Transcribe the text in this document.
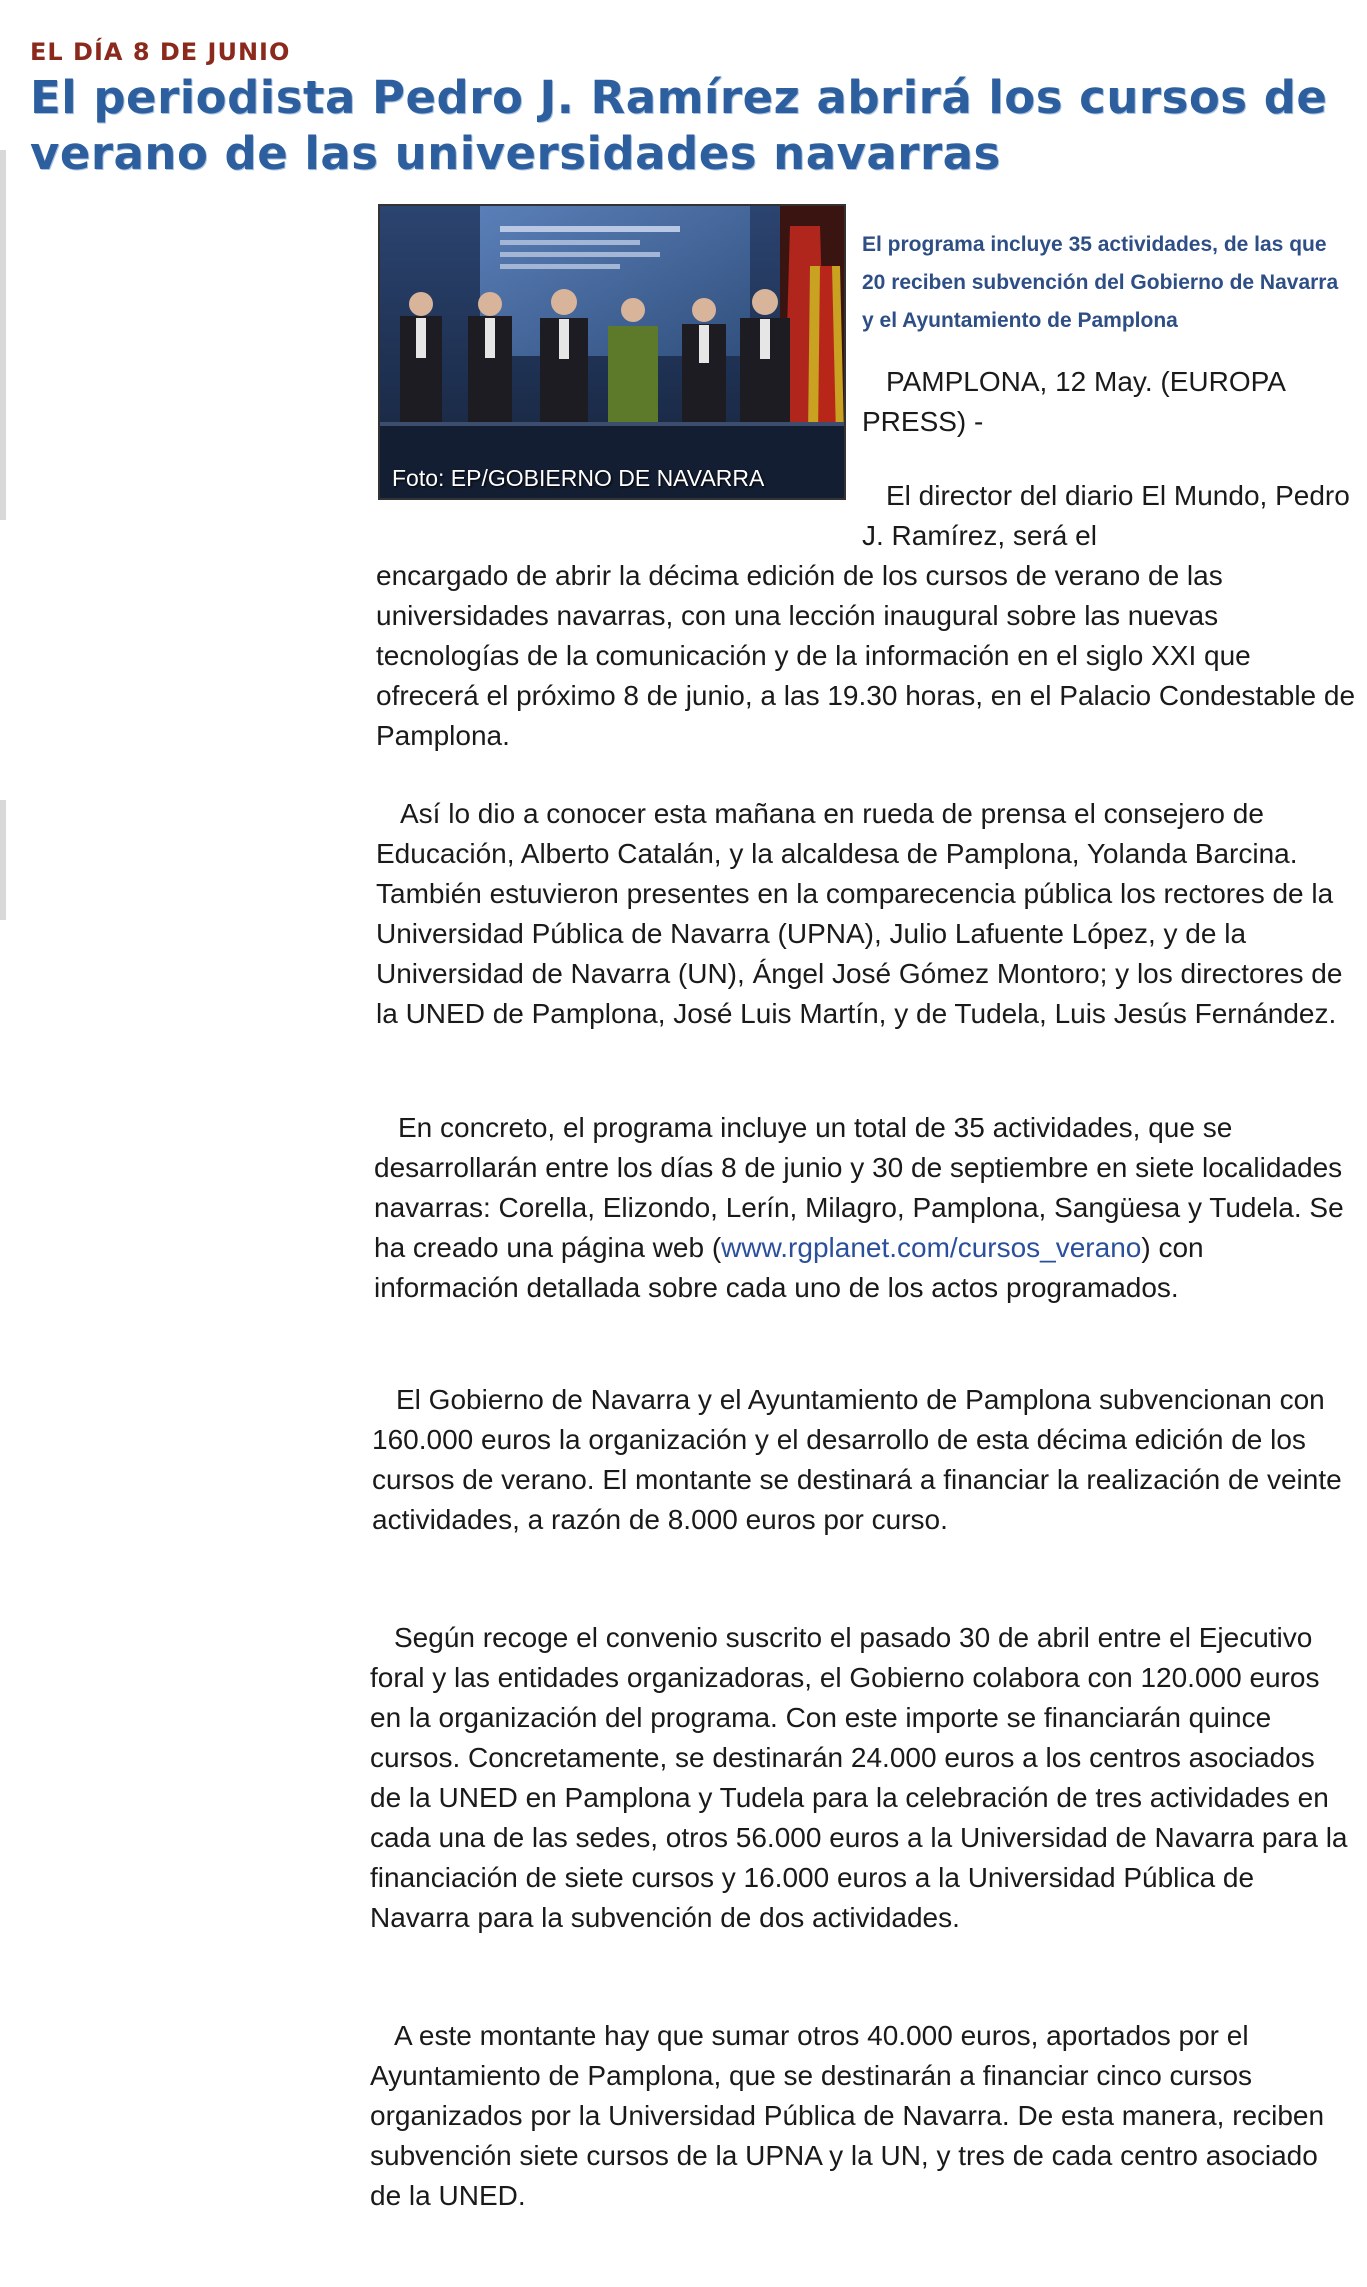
EL DÍA 8 DE JUNIO
El periodista Pedro J. Ramírez abrirá los cursos de verano de las universidades navarras
Foto: EP/GOBIERNO DE NAVARRA

El programa incluye 35 actividades, de las que 20 reciben subvención del Gobierno de Navarra y el Ayuntamiento de Pamplona

PAMPLONA, 12 May. (EUROPA PRESS) -

El director del diario El Mundo, Pedro J. Ramírez, será el

encargado de abrir la décima edición de los cursos de verano de las universidades navarras, con una lección inaugural sobre las nuevas tecnologías de la comunicación y de la información en el siglo XXI que ofrecerá el próximo 8 de junio, a las 19.30 horas, en el Palacio Condestable de Pamplona.

Así lo dio a conocer esta mañana en rueda de prensa el consejero de Educación, Alberto Catalán, y la alcaldesa de Pamplona, Yolanda Barcina. También estuvieron presentes en la comparecencia pública los rectores de la Universidad Pública de Navarra (UPNA), Julio Lafuente López, y de la Universidad de Navarra (UN), Ángel José Gómez Montoro; y los directores de la UNED de Pamplona, José Luis Martín, y de Tudela, Luis Jesús Fernández.

En concreto, el programa incluye un total de 35 actividades, que se desarrollarán entre los días 8 de junio y 30 de septiembre en siete localidades navarras: Corella, Elizondo, Lerín, Milagro, Pamplona, Sangüesa y Tudela. Se ha creado una página web (www.rgplanet.com/cursos_verano) con información detallada sobre cada uno de los actos programados.

El Gobierno de Navarra y el Ayuntamiento de Pamplona subvencionan con 160.000 euros la organización y el desarrollo de esta décima edición de los cursos de verano. El montante se destinará a financiar la realización de veinte actividades, a razón de 8.000 euros por curso.

Según recoge el convenio suscrito el pasado 30 de abril entre el Ejecutivo foral y las entidades organizadoras, el Gobierno colabora con 120.000 euros en la organización del programa. Con este importe se financiarán quince cursos. Concretamente, se destinarán 24.000 euros a los centros asociados de la UNED en Pamplona y Tudela para la celebración de tres actividades en cada una de las sedes, otros 56.000 euros a la Universidad de Navarra para la financiación de siete cursos y 16.000 euros a la Universidad Pública de Navarra para la subvención de dos actividades.

A este montante hay que sumar otros 40.000 euros, aportados por el Ayuntamiento de Pamplona, que se destinarán a financiar cinco cursos organizados por la Universidad Pública de Navarra. De esta manera, reciben subvención siete cursos de la UPNA y la UN, y tres de cada centro asociado de la UNED.
